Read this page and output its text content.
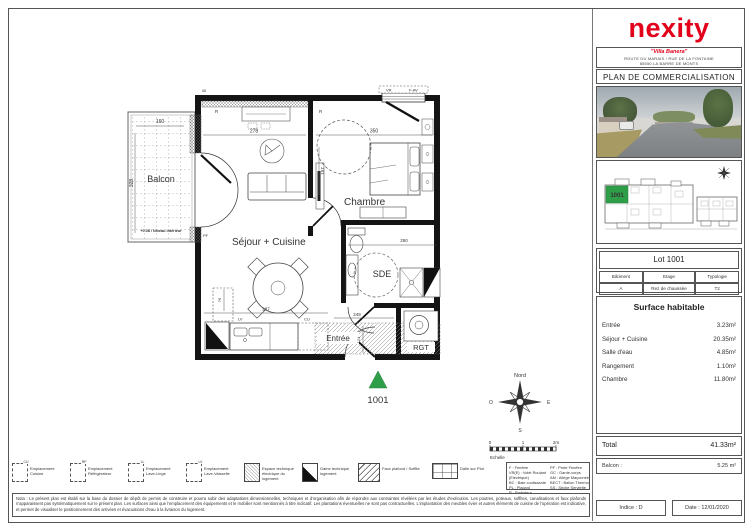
160
328 Balcon
+0.08 / Niveau intérieur
VR	F-AV
PF
Entrée
RGT
SDE
LV	CU
278	350
157
250
287
249
76
124
40
Séjour + Cuisine
Chambre
R	R
1001
Nord
E
S
O
0	1	2m
Echelle
nexity
"Villa Banera"
ROUTE DU MARAIS / RUE DE LA FONTAINE
85550 LA BARRE DE MONTS
PLAN DE COMMERCIALISATION
1001
Lot 1001
Bâtiment	Etage	Typologie
A	Rez de chaussée	T2
Surface habitable
Entrée	3.23m²
Séjour + Cuisine	20.35m²
Salle d'eau	4.85m²
Rangement	1.10m²
Chambre	11.80m²
Total	41.33m²
Balcon :	5.25 m²
Indice : D	Date : 12/01/2020
CU
Emplacement
Cuisine
RF
Emplacement
Réfrigérateur
LL
Emplacement
Lave-Linge
LV
Emplacement
Lave-Vaisselle
Espace technique électrique du logement
Gaine technique logement
Faux plafond / Soffite	Dalle sur Plot	F : Fenêtre
VR(E) : Volet Roulant (Electrique)
BC : Baie coulissante
PL : Placard
R : Radiateur
PF : Porte Fenêtre
GC : Garde-corps
AM : Allège Maçonnée
BECT : Ballon Thermo
SS : Sèche Serviette
Nota : Le présent plan est établi sur la base du dossier de dépôt de permis de construire et pourra subir des adaptations dimensionnelles, techniques et d'organisation afin de répondre aux contraintes révélées par les études d'exécution. Les poutres, poteaux, soffites, canalisations et faux plafonds n'apparaissent pas systématiquement sur le présent plan. Les surfaces ainsi que l'emplacement des équipements et le mobilier sont mentionnés à titre indicatif. Les plantations éventuelles ne sont pas contractuelles. L'implantation des meubles évier et autres éléments de cuisine de l'opération est indicative, et permet de visualiser le positionnement des arrivées et évacuations d'eau à la livraison du logement.
